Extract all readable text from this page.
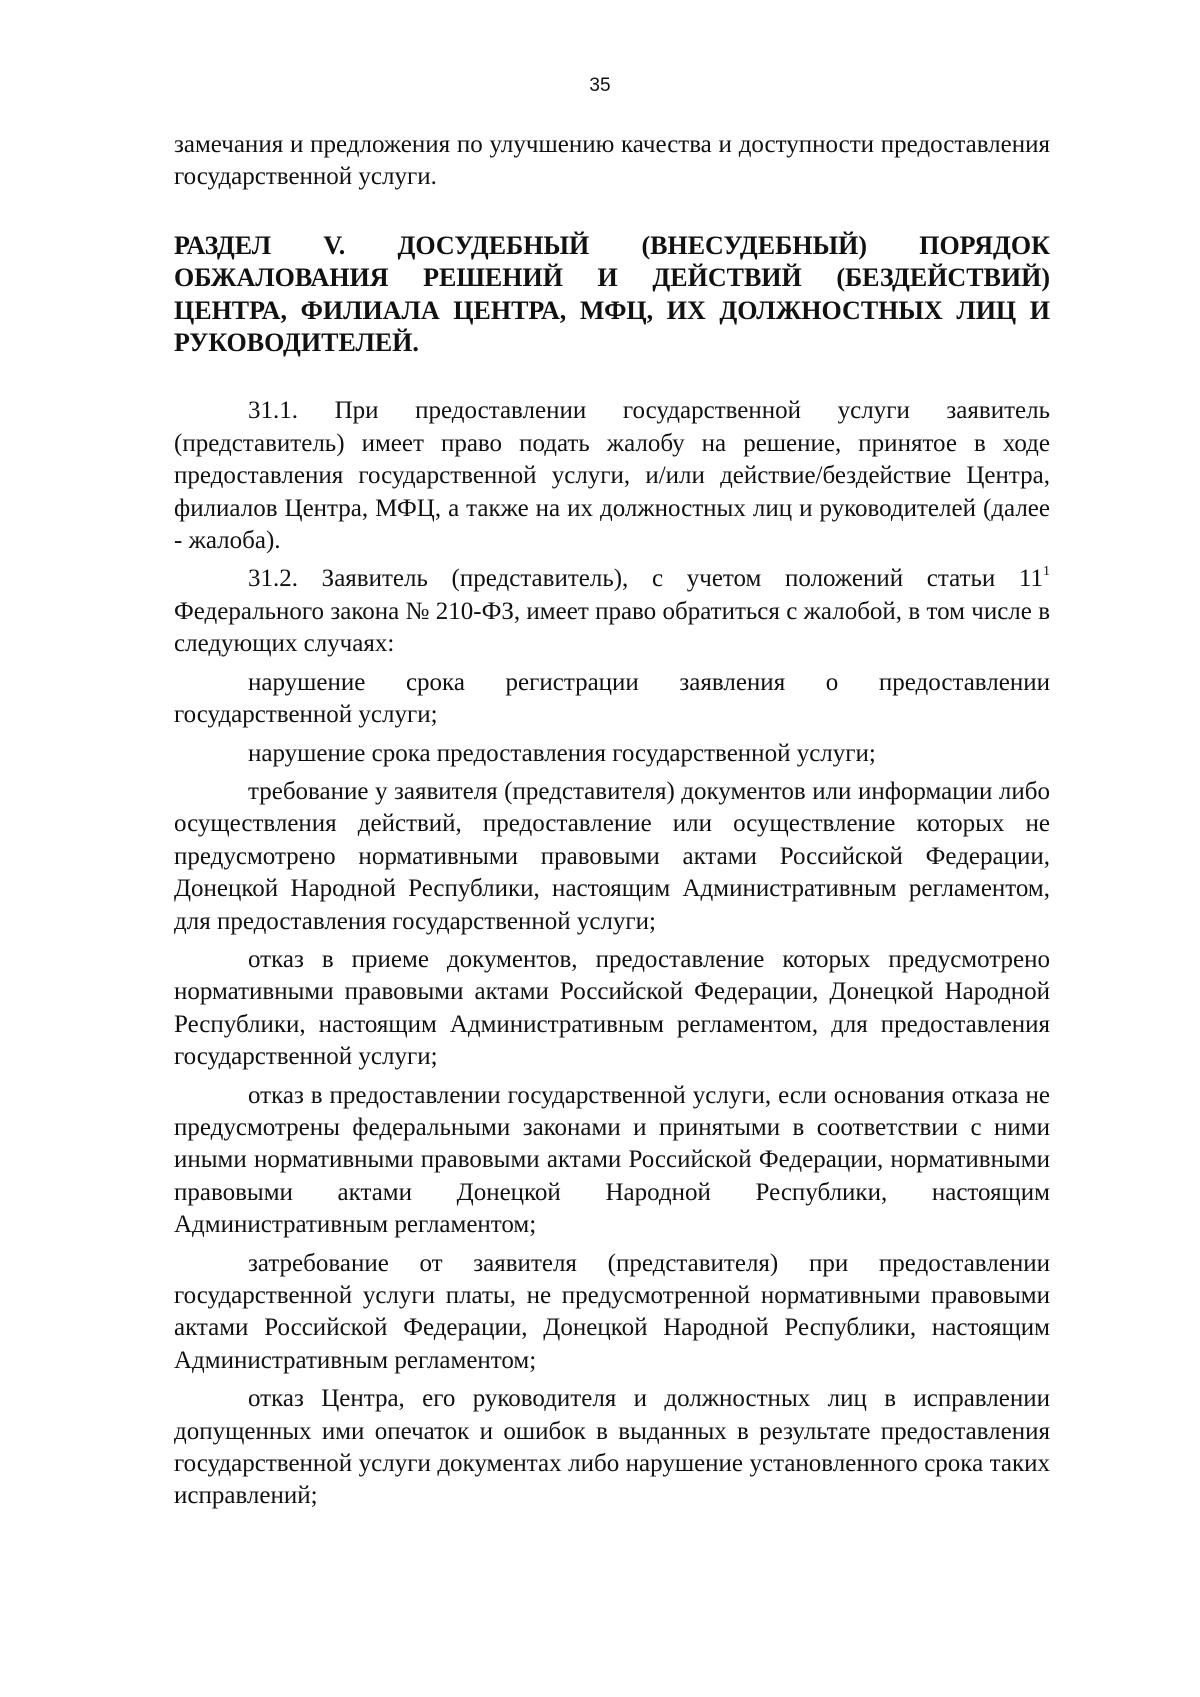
35

замечания и предложения по улучшению качества и доступности предоставления государственной услуги.

РАЗДЕЛ V. ДОСУДЕБНЫЙ (ВНЕСУДЕБНЫЙ) ПОРЯДОК ОБЖАЛОВАНИЯ РЕШЕНИЙ И ДЕЙСТВИЙ (БЕЗДЕЙСТВИЙ) ЦЕНТРА, ФИЛИАЛА ЦЕНТРА, МФЦ, ИХ ДОЛЖНОСТНЫХ ЛИЦ И РУКОВОДИТЕЛЕЙ.

31.1. При предоставлении государственной услуги заявитель (представитель) имеет право подать жалобу на решение, принятое в ходе предоставления государственной услуги, и/или действие/бездействие Центра, филиалов Центра, МФЦ, а также на их должностных лиц и руководителей (далее - жалоба).

31.2. Заявитель (представитель), с учетом положений статьи $11^1$ Федерального закона № 210-ФЗ, имеет право обратиться с жалобой, в том числе в следующих случаях:

нарушение срока регистрации заявления о предоставлении государственной услуги;

нарушение срока предоставления государственной услуги;

требование у заявителя (представителя) документов или информации либо осуществления действий, предоставление или осуществление которых не предусмотрено нормативными правовыми актами Российской Федерации, Донецкой Народной Республики, настоящим Административным регламентом, для предоставления государственной услуги;

отказ в приеме документов, предоставление которых предусмотрено нормативными правовыми актами Российской Федерации, Донецкой Народной Республики, настоящим Административным регламентом, для предоставления государственной услуги;

отказ в предоставлении государственной услуги, если основания отказа не предусмотрены федеральными законами и принятыми в соответствии с ними иными нормативными правовыми актами Российской Федерации, нормативными правовыми актами Донецкой Народной Республики, настоящим Административным регламентом;

затребование от заявителя (представителя) при предоставлении государственной услуги платы, не предусмотренной нормативными правовыми актами Российской Федерации, Донецкой Народной Республики, настоящим Административным регламентом;

отказ Центра, его руководителя и должностных лиц в исправлении допущенных ими опечаток и ошибок в выданных в результате предоставления государственной услуги документах либо нарушение установленного срока таких исправлений;
